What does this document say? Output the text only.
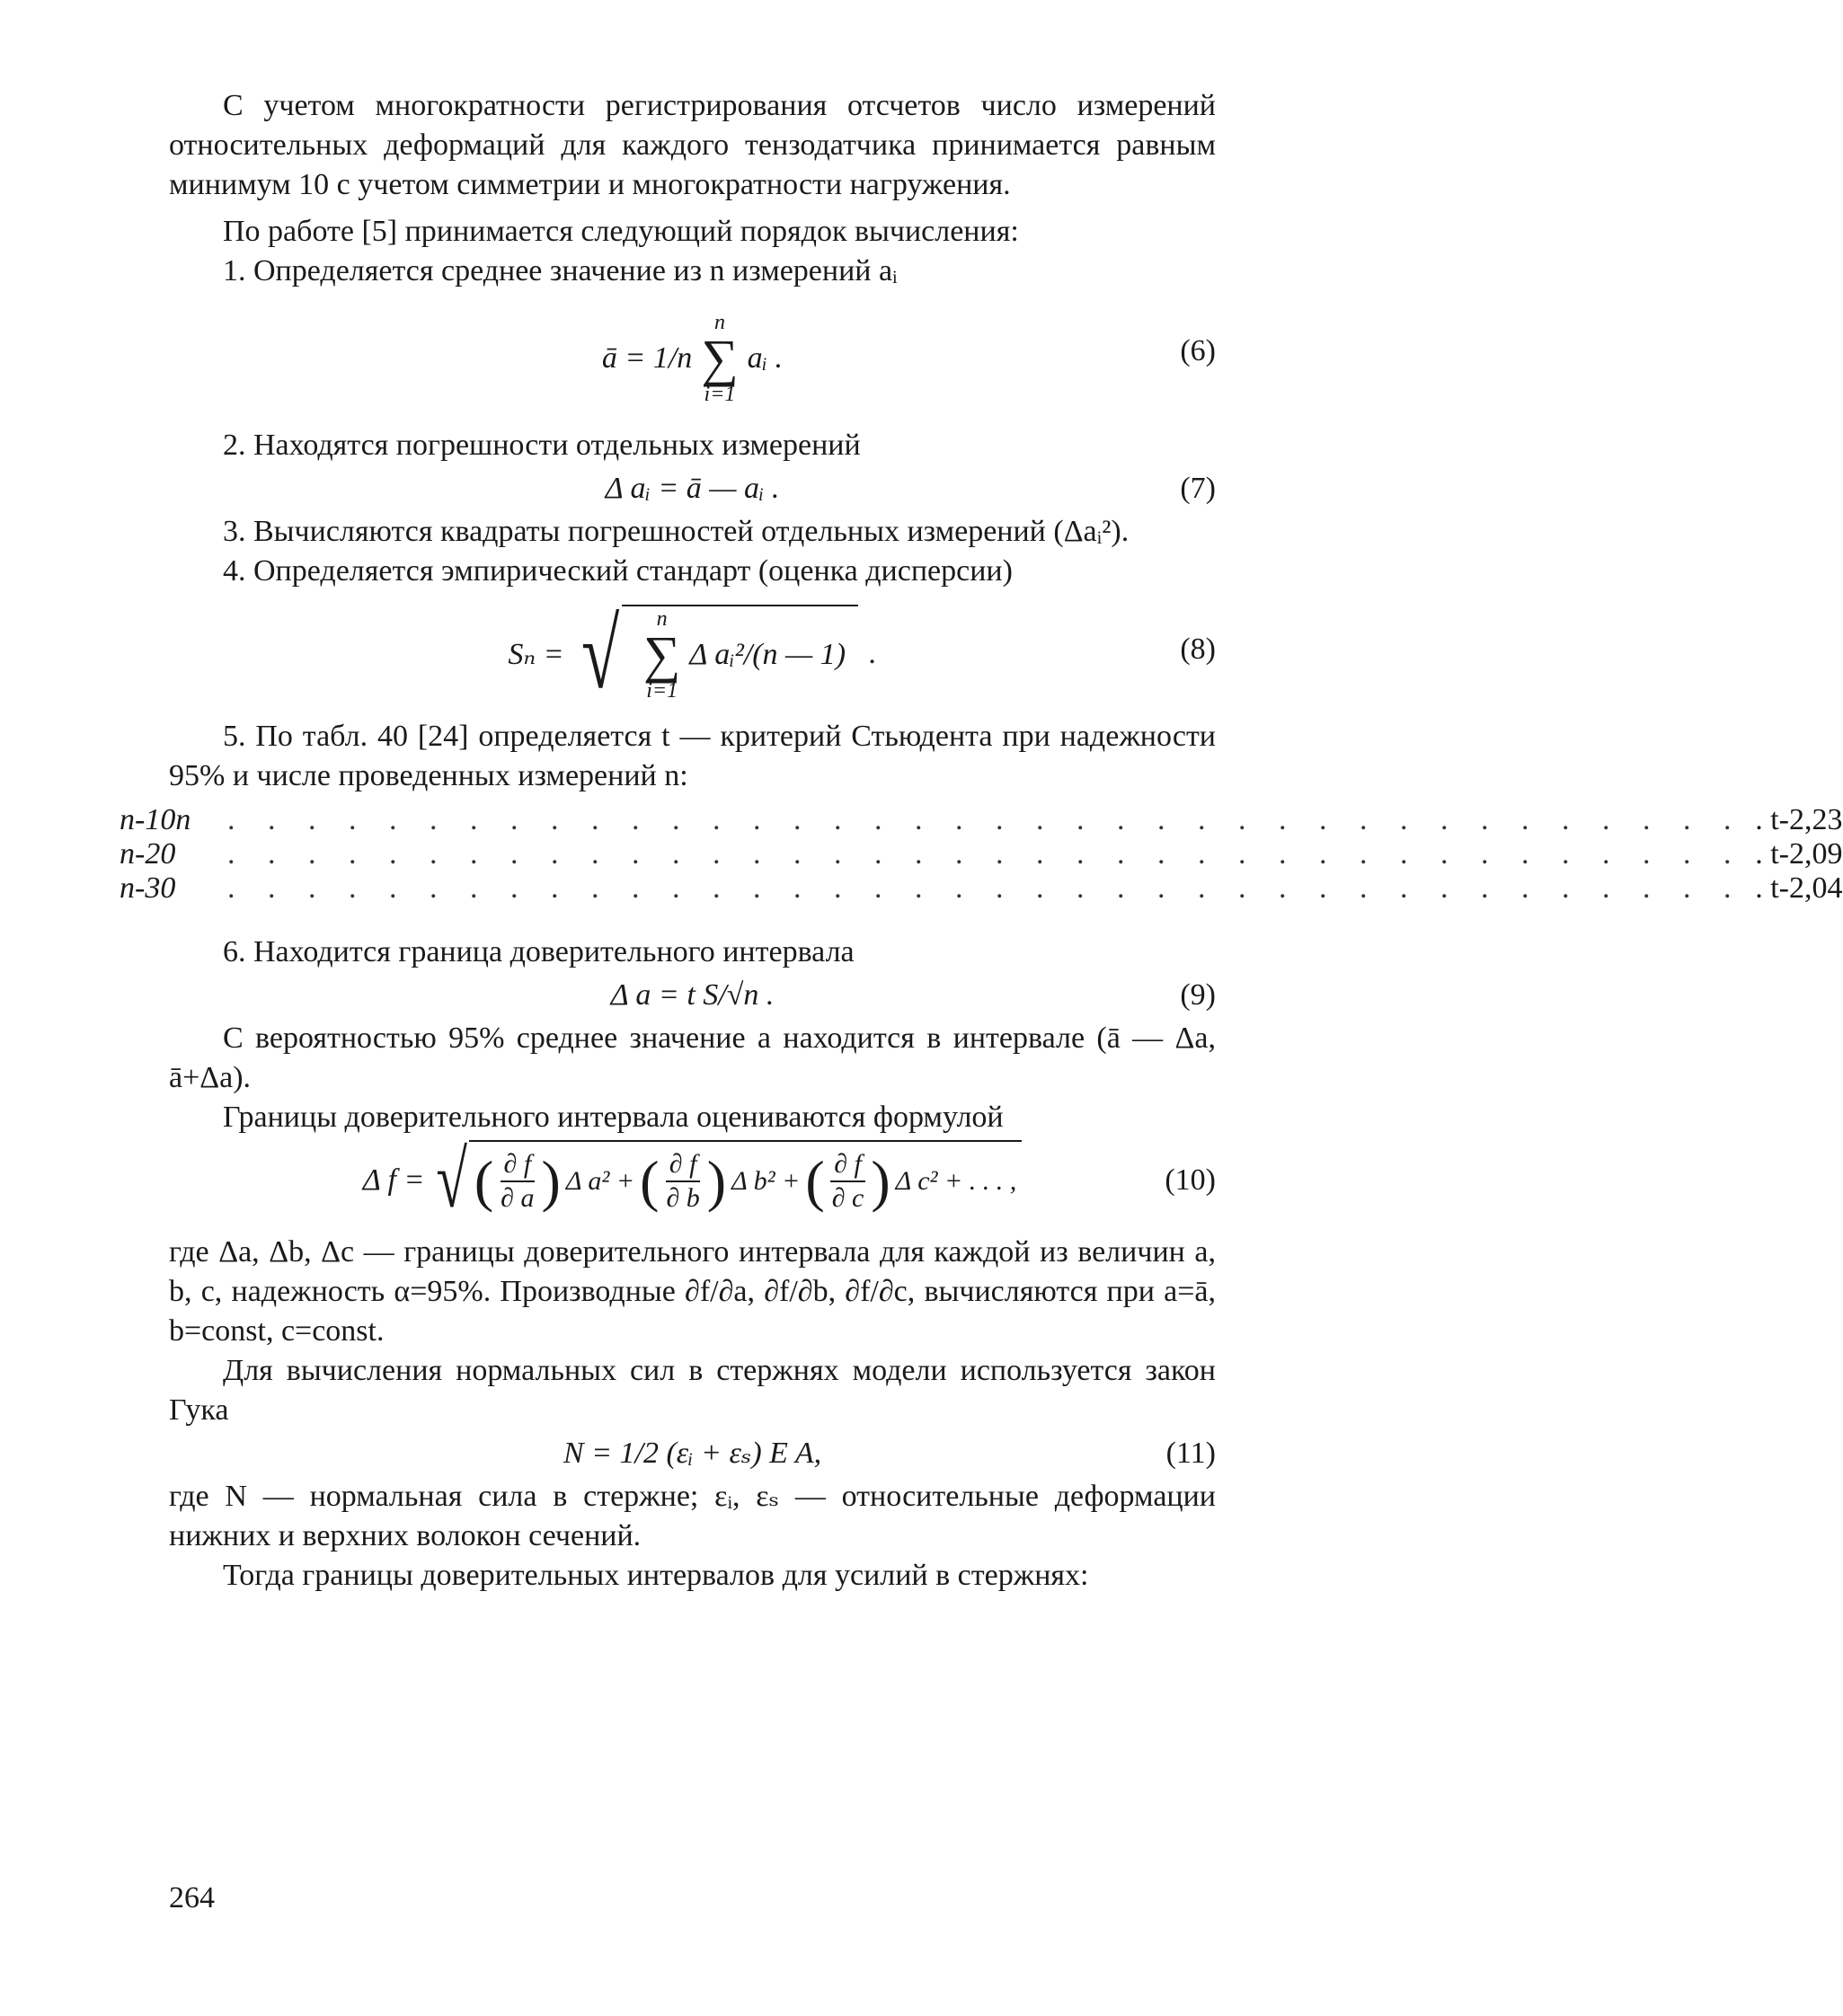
С учетом многократности регистрирования отсчетов число измерений относительных деформаций для каждого тензодатчика принимается равным минимум 10 с учетом симметрии и многократности нагружения.

По работе [5] принимается следующий порядок вычисления:

1. Определяется среднее значение из n измерений aᵢ

ā = 1/n
n
∑
i=1
aᵢ .	(6)

2. Находятся погрешности отдельных измерений

Δ aᵢ = ā — aᵢ .	(7)

3. Вычисляются квадраты погрешностей отдельных измерений (Δaᵢ²).

4. Определяется эмпирический стандарт (оценка дисперсии)

Sₙ = √ n
∑
i=1
Δ aᵢ²/(n — 1) .	(8)

5. По табл. 40 [24] определяется t — критерий Стьюдента при надежности 95% и числе проведенных измерений n:

n-10n	. . . . . . . . . . . . . . . . . . . . . . . . . . . . . . . . . . . . . . . t-2,23
n-20	. . . . . . . . . . . . . . . . . . . . . . . . . . . . . . . . . . . . . . . t-2,09
n-30	. . . . . . . . . . . . . . . . . . . . . . . . . . . . . . . . . . . . . . . t-2,04

6. Находится граница доверительного интервала

Δ a = t S/√n .	(9)

С вероятностью 95% среднее значение a находится в интервале (ā — Δa, ā+Δa).

Границы доверительного интервала оцениваются формулой

Δ f = √ ( $\frac{\partial f}{\partial a}$ ) Δ a² + ( $\frac{\partial f}{\partial b}$ ) Δ b² + ( $\frac{\partial f}{\partial c}$ ) Δ c² + . . . ,	(10)

где Δa, Δb, Δc — границы доверительного интервала для каждой из величин a, b, c, надежность α=95%. Производные ∂f/∂a, ∂f/∂b, ∂f/∂c, вычисляются при a=ā, b=const, c=const.

Для вычисления нормальных сил в стержнях модели используется закон Гука

N = 1/2 (εᵢ + εₛ) E A,	(11)

где N — нормальная сила в стержне; εᵢ, εₛ — относительные деформации нижних и верхних волокон сечений.

Тогда границы доверительных интервалов для усилий в стержнях:

264
